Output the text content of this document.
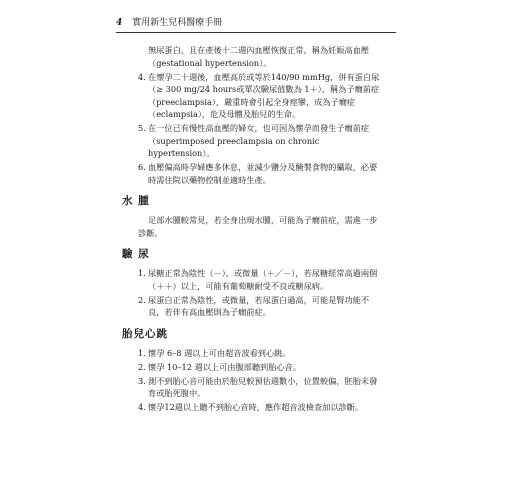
4 實用新生兒科醫療手冊
無尿蛋白，且在產後十二週內血壓恢復正常，稱為妊娠高血壓（gestational hypertension）。
4. 在懷孕二十週後，血壓高於或等於140/90 mmHg，併有蛋白尿（≥ 300 mg/24 hours或單次驗尿值數為 1＋），稱為子癇前症（preeclampsia），嚴重時會引起全身痙攣，成為子癇症（eclampsia），危及母體及胎兒的生命。
5. 在一位已有慢性高血壓的婦女，也可因為懷孕而發生子癇前症（superimposed preeclampsia on chronic hypertension）。
6. 血壓偏高時孕婦應多休息，並減少鹽分及醃製食物的攝取，必要時需住院以藥物控制並適時生產。
水 腫

足部水腫較常見，若全身出現水腫，可能為子癇前症，需進一步診斷。

驗 尿
1. 尿糖正常為陰性（－），或微量（＋／－），若尿糖經常高過兩個（＋＋）以上，可能有葡萄糖耐受不良或糖尿病。
2. 尿蛋白正常為陰性，或微量，若尿蛋白過高，可能是腎功能不良，若伴有高血壓則為子癇前症。
胎兒心跳
1. 懷孕 6–8 週以上可由超音波看到心跳。
2. 懷孕 10–12 週以上可由腹部聽到胎心音。
3. 測不到胎心音可能由於胎兒較預估週數小，位置較偏，胚胎未發育或胎死腹中。
4. 懷孕12週以上聽不到胎心音時，應作超音波檢查加以診斷。
